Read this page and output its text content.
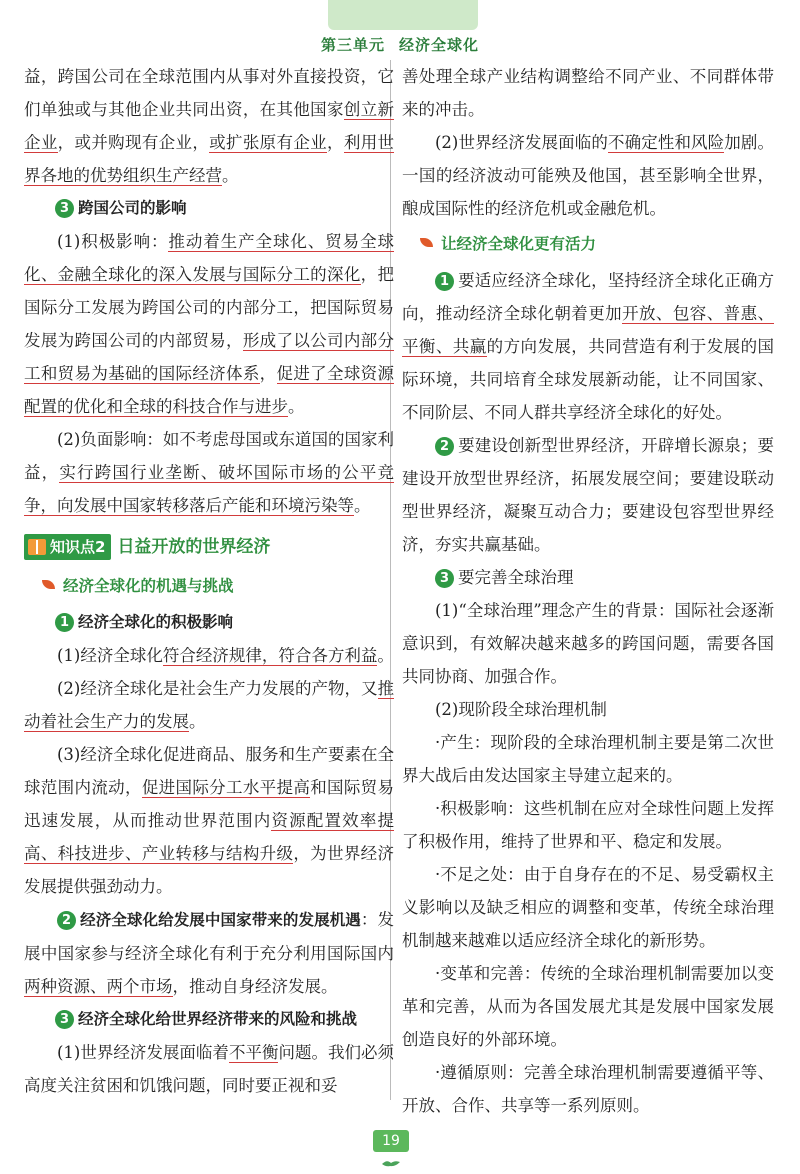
第三单元 经济全球化

益，跨国公司在全球范围内从事对外直接投资，它们单独或与其他企业共同出资，在其他国家创立新企业，或并购现有企业，或扩张原有企业，利用世界各地的优势组织生产经营。

3 跨国公司的影响

(1)积极影响：推动着生产全球化、贸易全球化、金融全球化的深入发展与国际分工的深化，把国际分工发展为跨国公司的内部分工，把国际贸易发展为跨国公司的内部贸易，形成了以公司内部分工和贸易为基础的国际经济体系，促进了全球资源配置的优化和全球的科技合作与进步。

(2)负面影响：如不考虑母国或东道国的国家利益，实行跨国行业垄断、破坏国际市场的公平竞争，向发展中国家转移落后产能和环境污染等。

知识点2 日益开放的世界经济

经济全球化的机遇与挑战

1 经济全球化的积极影响

(1)经济全球化符合经济规律，符合各方利益。

(2)经济全球化是社会生产力发展的产物，又推动着社会生产力的发展。

(3)经济全球化促进商品、服务和生产要素在全球范围内流动，促进国际分工水平提高和国际贸易迅速发展，从而推动世界范围内资源配置效率提高、科技进步、产业转移与结构升级，为世界经济发展提供强劲动力。

2 经济全球化给发展中国家带来的发展机遇：发展中国家参与经济全球化有利于充分利用国际国内两种资源、两个市场，推动自身经济发展。

3 经济全球化给世界经济带来的风险和挑战

(1)世界经济发展面临着不平衡问题。我们必须高度关注贫困和饥饿问题，同时要正视和妥

善处理全球产业结构调整给不同产业、不同群体带来的冲击。

(2)世界经济发展面临的不确定性和风险加剧。一国的经济波动可能殃及他国，甚至影响全世界，酿成国际性的经济危机或金融危机。

让经济全球化更有活力

1 要适应经济全球化，坚持经济全球化正确方向，推动经济全球化朝着更加开放、包容、普惠、平衡、共赢的方向发展，共同营造有利于发展的国际环境，共同培育全球发展新动能，让不同国家、不同阶层、不同人群共享经济全球化的好处。

2 要建设创新型世界经济，开辟增长源泉；要建设开放型世界经济，拓展发展空间；要建设联动型世界经济，凝聚互动合力；要建设包容型世界经济，夯实共赢基础。

3 要完善全球治理

(1)“全球治理”理念产生的背景：国际社会逐渐意识到，有效解决越来越多的跨国问题，需要各国共同协商、加强合作。

(2)现阶段全球治理机制

·产生：现阶段的全球治理机制主要是第二次世界大战后由发达国家主导建立起来的。

·积极影响：这些机制在应对全球性问题上发挥了积极作用，维持了世界和平、稳定和发展。

·不足之处：由于自身存在的不足、易受霸权主义影响以及缺乏相应的调整和变革，传统全球治理机制越来越难以适应经济全球化的新形势。

·变革和完善：传统的全球治理机制需要加以变革和完善，从而为各国发展尤其是发展中国家发展创造良好的外部环境。

·遵循原则：完善全球治理机制需要遵循平等、开放、合作、共享等一系列原则。

19
